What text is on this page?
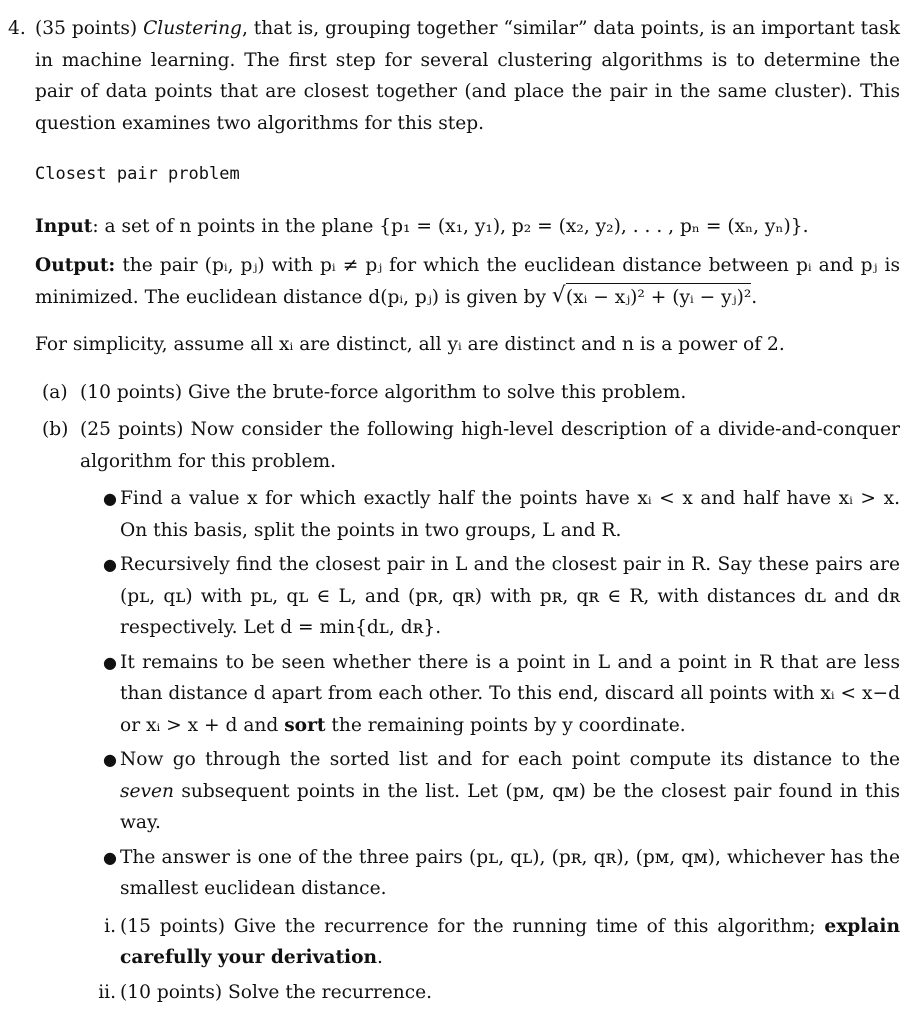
4. (35 points) Clustering, that is, grouping together “similar” data points, is an important task in machine learning. The first step for several clustering algorithms is to determine the pair of data points that are closest together (and place the pair in the same cluster). This question examines two algorithms for this step.

Closest pair problem

Input: a set of n points in the plane {p₁ = (x₁, y₁), p₂ = (x₂, y₂), . . . , pₙ = (xₙ, yₙ)}.

Output: the pair (pᵢ, pⱼ) with pᵢ ≠ pⱼ for which the euclidean distance between pᵢ and pⱼ is minimized. The euclidean distance d(pᵢ, pⱼ) is given by √ (xᵢ − xⱼ)² + (yᵢ − yⱼ)².

For simplicity, assume all xᵢ are distinct, all yᵢ are distinct and n is a power of 2.

(a) (10 points) Give the brute-force algorithm to solve this problem.

(b) (25 points) Now consider the following high-level description of a divide-and-conquer algorithm for this problem.

● Find a value x for which exactly half the points have xᵢ < x and half have xᵢ > x. On this basis, split the points in two groups, L and R.

● Recursively find the closest pair in L and the closest pair in R. Say these pairs are (pʟ, qʟ) with pʟ, qʟ ∈ L, and (pʀ, qʀ) with pʀ, qʀ ∈ R, with distances dʟ and dʀ respectively. Let d = min{dʟ, dʀ}.

● It remains to be seen whether there is a point in L and a point in R that are less than distance d apart from each other. To this end, discard all points with xᵢ < x−d or xᵢ > x + d and sort the remaining points by y coordinate.

● Now go through the sorted list and for each point compute its distance to the seven subsequent points in the list. Let (pᴍ, qᴍ) be the closest pair found in this way.

● The answer is one of the three pairs (pʟ, qʟ), (pʀ, qʀ), (pᴍ, qᴍ), whichever has the smallest euclidean distance.

i. (15 points) Give the recurrence for the running time of this algorithm; explain carefully your derivation.

ii. (10 points) Solve the recurrence.
